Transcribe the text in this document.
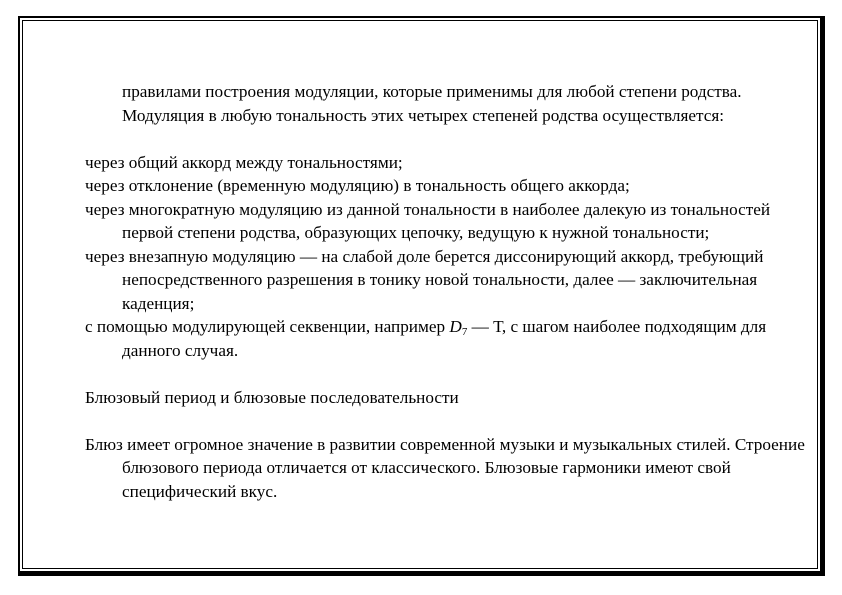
правилами построения модуляции, которые применимы для любой степени родства. Модуляция в любую тональность этих четырех степеней родства осуществляется:

через общий аккорд между тональностями;

через отклонение (временную модуляцию) в тональность общего аккорда;

через многократную модуляцию из данной тональности в наиболее далекую из тональностей первой степени родства, образующих цепочку, ведущую к нужной тональности;

через внезапную модуляцию — на слабой доле берется диссонирующий аккорд, требующий непосредственного разрешения в тонику новой тональности, далее — заключительная каденция;

с помощью модулирующей секвенции, например $D_7$ — Т, с шагом наиболее подходящим для данного случая.

Блюзовый период и блюзовые последовательности

Блюз имеет огромное значение в развитии современной музыки и музыкальных стилей. Строение блюзового периода отличается от классического. Блюзовые гармоники имеют свой специфический вкус.
